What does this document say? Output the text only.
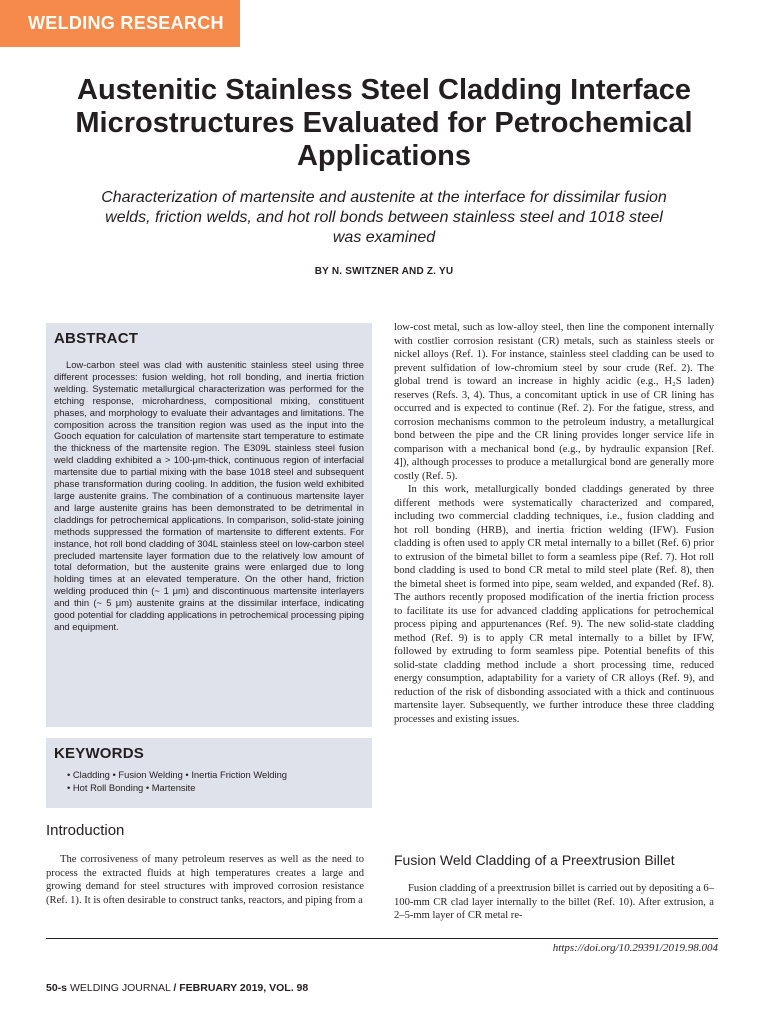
WELDING RESEARCH
Austenitic Stainless Steel Cladding Interface Microstructures Evaluated for Petrochemical Applications
Characterization of martensite and austenite at the interface for dissimilar fusion welds, friction welds, and hot roll bonds between stainless steel and 1018 steel was examined
BY N. SWITZNER AND Z. YU
ABSTRACT

Low-carbon steel was clad with austenitic stainless steel using three different processes: fusion welding, hot roll bonding, and inertia friction welding. Systematic metallurgical characterization was performed for the etching response, microhardness, compositional mixing, constituent phases, and morphology to evaluate their advantages and limitations. The composition across the transition region was used as the input into the Gooch equation for calculation of martensite start temperature to estimate the thickness of the martensite region. The E309L stainless steel fusion weld cladding exhibited a > 100-μm-thick, continuous region of interfacial martensite due to partial mixing with the base 1018 steel and subsequent phase transformation during cooling. In addition, the fusion weld exhibited large austenite grains. The combination of a continuous martensite layer and large austenite grains has been demonstrated to be detrimental in claddings for petrochemical applications. In comparison, solid-state joining methods suppressed the formation of martensite to different extents. For instance, hot roll bond cladding of 304L stainless steel on low-carbon steel precluded martensite layer formation due to the relatively low amount of total deformation, but the austenite grains were enlarged due to long holding times at an elevated temperature. On the other hand, friction welding produced thin (~ 1 μm) and discontinuous martensite interlayers and thin (~ 5 μm) austenite grains at the dissimilar interface, indicating good potential for cladding applications in petrochemical processing piping and equipment.

KEYWORDS

• Cladding • Fusion Welding • Inertia Friction Welding

• Hot Roll Bonding • Martensite

Introduction

The corrosiveness of many petroleum reserves as well as the need to process the extracted fluids at high temperatures creates a large and growing demand for steel structures with improved corrosion resistance (Ref. 1). It is often desirable to construct tanks, reactors, and piping from a

low-cost metal, such as low-alloy steel, then line the component internally with costlier corrosion resistant (CR) metals, such as stainless steels or nickel alloys (Ref. 1). For instance, stainless steel cladding can be used to prevent sulfidation of low-chromium steel by sour crude (Ref. 2). The global trend is toward an increase in highly acidic (e.g., H₂S laden) reserves (Refs. 3, 4). Thus, a concomitant uptick in use of CR lining has occurred and is expected to continue (Ref. 2). For the fatigue, stress, and corrosion mechanisms common to the petroleum industry, a metallurgical bond between the pipe and the CR lining provides longer service life in comparison with a mechanical bond (e.g., by hydraulic expansion [Ref. 4]), although processes to produce a metallurgical bond are generally more costly (Ref. 5).

In this work, metallurgically bonded claddings generated by three different methods were systematically characterized and compared, including two commercial cladding techniques, i.e., fusion cladding and hot roll bonding (HRB), and inertia friction welding (IFW). Fusion cladding is often used to apply CR metal internally to a billet (Ref. 6) prior to extrusion of the bimetal billet to form a seamless pipe (Ref. 7). Hot roll bond cladding is used to bond CR metal to mild steel plate (Ref. 8), then the bimetal sheet is formed into pipe, seam welded, and expanded (Ref. 8). The authors recently proposed modification of the inertia friction process to facilitate its use for advanced cladding applications for petrochemical process piping and appurtenances (Ref. 9). The new solid-state cladding method (Ref. 9) is to apply CR metal internally to a billet by IFW, followed by extruding to form seamless pipe. Potential benefits of this solid-state cladding method include a short processing time, reduced energy consumption, adaptability for a variety of CR alloys (Ref. 9), and reduction of the risk of disbonding associated with a thick and continuous martensite layer. Subsequently, we further introduce these three cladding processes and existing issues.

Fusion Weld Cladding of a Preextrusion Billet

Fusion cladding of a preextrusion billet is carried out by depositing a 6–100-mm CR clad layer internally to the billet (Ref. 10). After extrusion, a 2–5-mm layer of CR metal re-

https://doi.org/10.29391/2019.98.004
50-s WELDING JOURNAL / FEBRUARY 2019, VOL. 98
